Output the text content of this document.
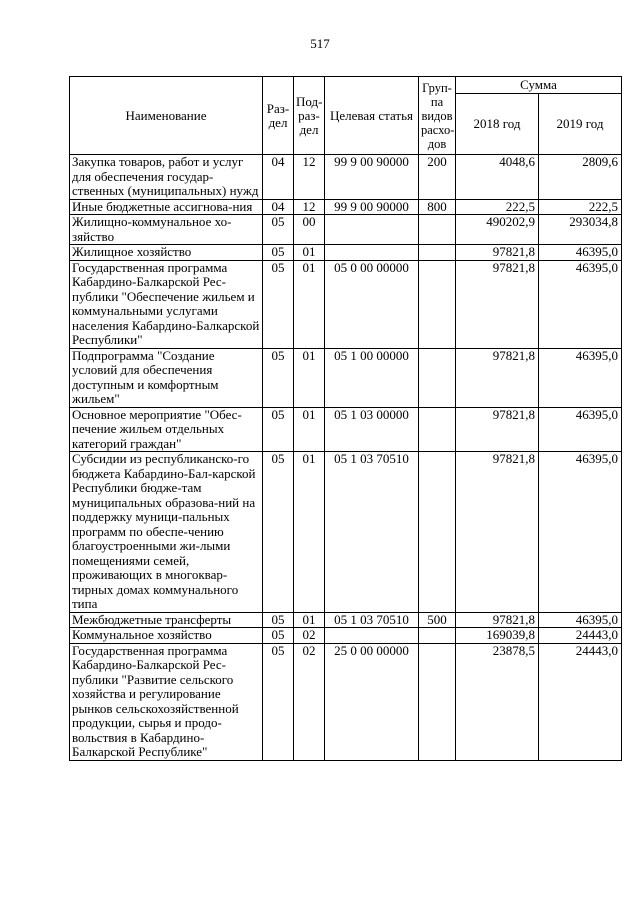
517
Наименование	Раз-дел	Под-раз-дел	Целевая статья	Груп-па видов расхо-дов	Сумма	
					2018 год	2019 год
Закупка товаров, работ и услуг для обеспечения государ-ственных (муниципальных) нужд	04	12	99 9 00 90000	200	4048,6	2809,6
Иные бюджетные ассигнова-ния	04	12	99 9 00 90000	800	222,5	222,5
Жилищно-коммунальное хо-зяйство	05	00			490202,9	293034,8
Жилищное хозяйство	05	01			97821,8	46395,0
Государственная программа Кабардино-Балкарской Рес-публики "Обеспечение жильем и коммунальными услугами населения Кабардино-Балкарской Республики"	05	01	05 0 00 00000		97821,8	46395,0
Подпрограмма "Создание условий для обеспечения доступным и комфортным жильем"	05	01	05 1 00 00000		97821,8	46395,0
Основное мероприятие "Обес-печение жильем отдельных категорий граждан"	05	01	05 1 03 00000		97821,8	46395,0
Субсидии из республиканско-го бюджета Кабардино-Бал-карской Республики бюдже-там муниципальных образова-ний на поддержку муници-пальных программ по обеспе-чению благоустроенными жи-лыми помещениями семей, проживающих в многоквар-тирных домах коммунального типа	05	01	05 1 03 70510		97821,8	46395,0
Межбюджетные трансферты	05	01	05 1 03 70510	500	97821,8	46395,0
Коммунальное хозяйство	05	02			169039,8	24443,0
Государственная программа Кабардино-Балкарской Рес-публики "Развитие сельского хозяйства и регулирование рынков сельскохозяйственной продукции, сырья и продо-вольствия в Кабардино-Балкарской Республике"	05	02	25 0 00 00000		23878,5	24443,0
